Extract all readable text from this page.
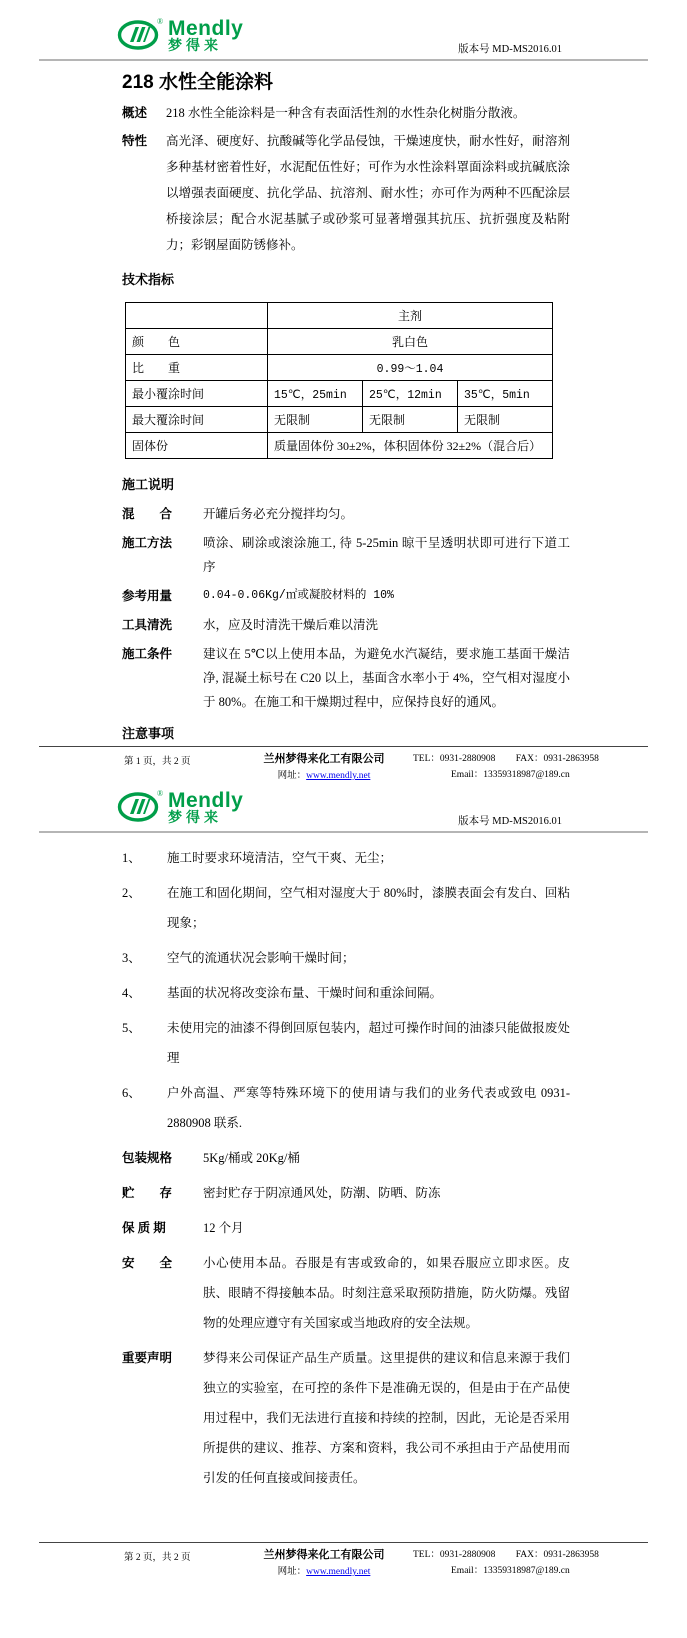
® Mendly
梦得来	版本号 MD-MS2016.01
218 水性全能涂料
概述	218 水性全能涂料是一种含有表面活性剂的水性杂化树脂分散液。
特性	高光泽、硬度好、抗酸碱等化学品侵蚀，干燥速度快，耐水性好，耐溶剂多种基材密着性好，水泥配伍性好；可作为水性涂料罩面涂料或抗碱底涂以增强表面硬度、抗化学品、抗溶剂、耐水性；亦可作为两种不匹配涂层桥接涂层；配合水泥基腻子或砂浆可显著增强其抗压、抗折强度及粘附力；彩钢屋面防锈修补。
技术指标
	主剂		
颜　　色	乳白色		
比　　重	0.99～1.04		
最小覆涂时间	15℃，25min	25℃，12min	35℃，5min
最大覆涂时间	无限制	无限制	无限制
固体份	质量固体份 30±2%，体积固体份 32±2%（混合后）		
施工说明
混　　合	开罐后务必充分搅拌均匀。
施工方法	喷涂、刷涂或滚涂施工, 待 5-25min 晾干呈透明状即可进行下道工序
参考用量	0.04-0.06Kg/㎡或凝胶材料的 10%
工具清洗	水，应及时清洗干燥后难以清洗
施工条件	建议在 5℃以上使用本品，为避免水汽凝结，要求施工基面干燥洁净, 混凝土标号在 C20 以上，基面含水率小于 4%，空气相对湿度小于 80%。在施工和干燥期过程中，应保持良好的通风。
注意事项
第 1 页，共 2 页	兰州梦得来化工有限公司
网址：www.mendly.net
TEL：0931-2880908 FAX：0931-2863958
Email：13359318987@189.cn
® Mendly
梦得来	版本号 MD-MS2016.01
1、	施工时要求环境清洁，空气干爽、无尘；
2、	在施工和固化期间，空气相对湿度大于 80%时，漆膜表面会有发白、回粘现象；
3、	空气的流通状况会影响干燥时间；
4、	基面的状况将改变涂布量、干燥时间和重涂间隔。
5、	未使用完的油漆不得倒回原包装内，超过可操作时间的油漆只能做报废处理
6、	户外高温、严寒等特殊环境下的使用请与我们的业务代表或致电 0931-2880908 联系.
包装规格	5Kg/桶或 20Kg/桶
贮　　存	密封贮存于阴凉通风处，防潮、防晒、防冻
保 质 期	12 个月
安　　全	小心使用本品。吞服是有害或致命的，如果吞服应立即求医。皮肤、眼睛不得接触本品。时刻注意采取预防措施，防火防爆。残留物的处理应遵守有关国家或当地政府的安全法规。
重要声明	梦得来公司保证产品生产质量。这里提供的建议和信息来源于我们独立的实验室，在可控的条件下是准确无误的，但是由于在产品使用过程中，我们无法进行直接和持续的控制，因此，无论是否采用所提供的建议、推荐、方案和资料，我公司不承担由于产品使用而引发的任何直接或间接责任。
第 2 页，共 2 页	兰州梦得来化工有限公司
网址：www.mendly.net
TEL：0931-2880908 FAX：0931-2863958
Email：13359318987@189.cn
